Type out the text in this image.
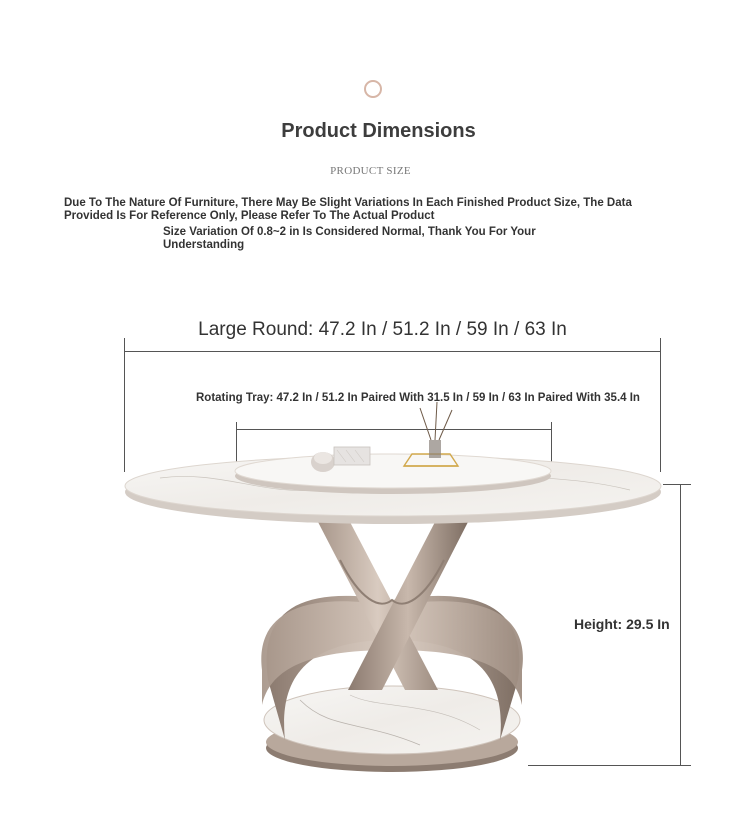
Product Dimensions
PRODUCT SIZE
Due To The Nature Of Furniture, There May Be Slight Variations In Each Finished Product Size, The Data Provided Is For Reference Only, Please Refer To The Actual Product
Size Variation Of 0.8~2 in Is Considered Normal, Thank You For Your Understanding
Large Round: 47.2 In / 51.2 In / 59 In / 63 In
Rotating Tray: 47.2 In / 51.2 In Paired With 31.5 In / 59 In / 63 In Paired With 35.4 In
Height: 29.5 In
